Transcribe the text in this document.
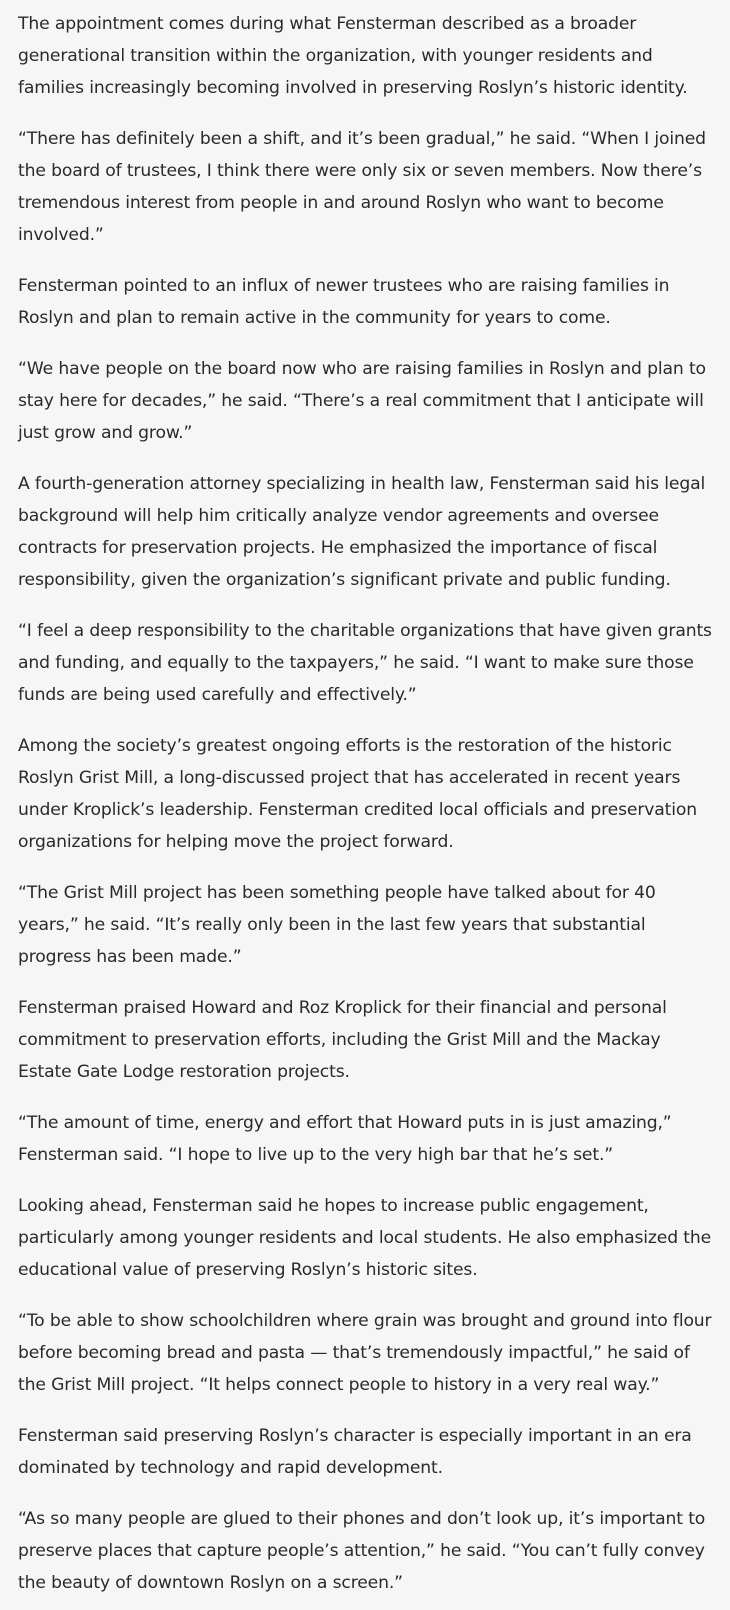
The appointment comes during what Fensterman described as a broader generational transition within the organization, with younger residents and families increasingly becoming involved in preserving Roslyn’s historic identity.

“There has definitely been a shift, and it’s been gradual,” he said. “When I joined the board of trustees, I think there were only six or seven members. Now there’s tremendous interest from people in and around Roslyn who want to become involved.”

Fensterman pointed to an influx of newer trustees who are raising families in Roslyn and plan to remain active in the community for years to come.

“We have people on the board now who are raising families in Roslyn and plan to stay here for decades,” he said. “There’s a real commitment that I anticipate will just grow and grow.”

A fourth-generation attorney specializing in health law, Fensterman said his legal background will help him critically analyze vendor agreements and oversee contracts for preservation projects. He emphasized the importance of fiscal responsibility, given the organization’s significant private and public funding.

“I feel a deep responsibility to the charitable organizations that have given grants and funding, and equally to the taxpayers,” he said. “I want to make sure those funds are being used carefully and effectively.”

Among the society’s greatest ongoing efforts is the restoration of the historic Roslyn Grist Mill, a long-discussed project that has accelerated in recent years under Kroplick’s leadership. Fensterman credited local officials and preservation organizations for helping move the project forward.

“The Grist Mill project has been something people have talked about for 40 years,” he said. “It’s really only been in the last few years that substantial progress has been made.”

Fensterman praised Howard and Roz Kroplick for their financial and personal commitment to preservation efforts, including the Grist Mill and the Mackay Estate Gate Lodge restoration projects.

“The amount of time, energy and effort that Howard puts in is just amazing,” Fensterman said. “I hope to live up to the very high bar that he’s set.”

Looking ahead, Fensterman said he hopes to increase public engagement, particularly among younger residents and local students. He also emphasized the educational value of preserving Roslyn’s historic sites.

“To be able to show schoolchildren where grain was brought and ground into flour before becoming bread and pasta — that’s tremendously impactful,” he said of the Grist Mill project. “It helps connect people to history in a very real way.”

Fensterman said preserving Roslyn’s character is especially important in an era dominated by technology and rapid development.

“As so many people are glued to their phones and don’t look up, it’s important to preserve places that capture people’s attention,” he said. “You can’t fully convey the beauty of downtown Roslyn on a screen.”
